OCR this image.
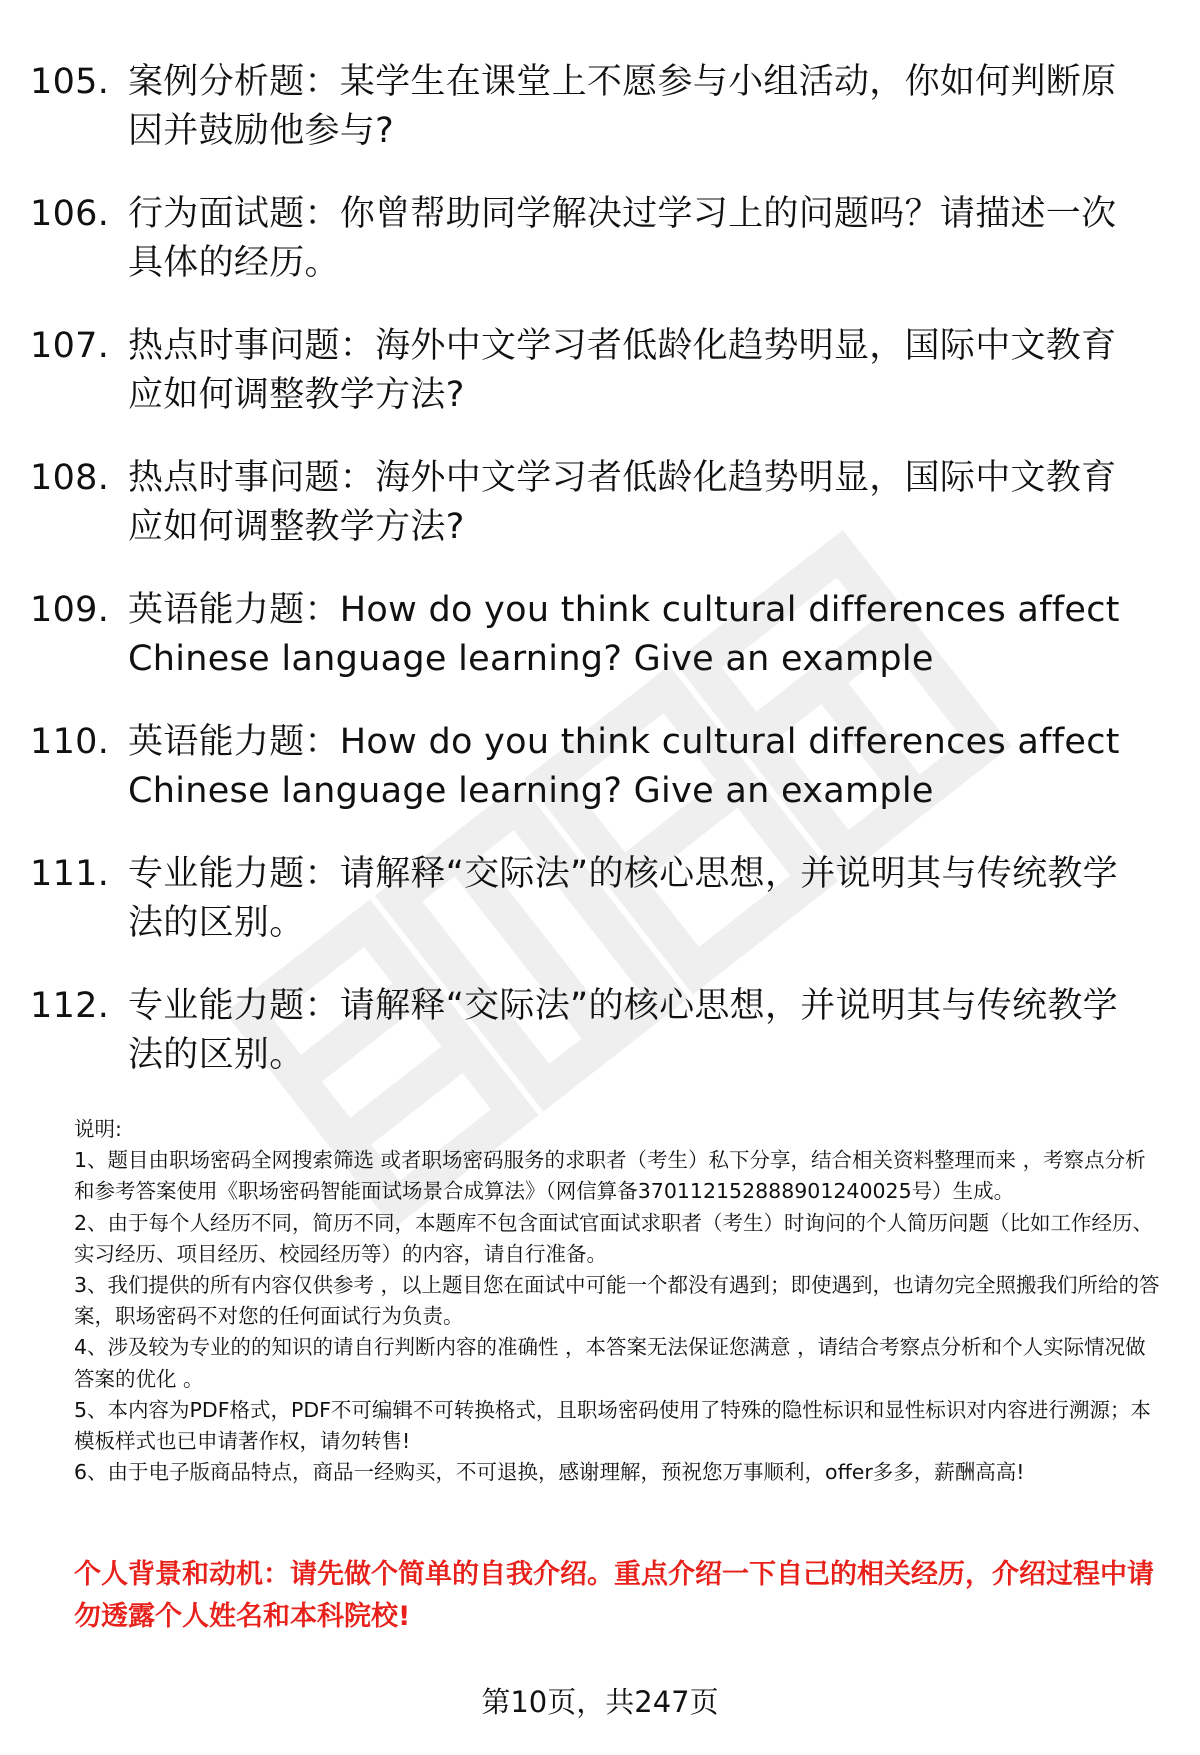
105. 案例分析题：某学生在课堂上不愿参与小组活动，你如何判断原因并鼓励他参与?
106. 行为面试题：你曾帮助同学解决过学习上的问题吗？请描述一次具体的经历。
107. 热点时事问题：海外中文学习者低龄化趋势明显，国际中文教育应如何调整教学方法?
108. 热点时事问题：海外中文学习者低龄化趋势明显，国际中文教育应如何调整教学方法?
109. 英语能力题：How do you think cultural differences affect Chinese language learning? Give an example
110. 英语能力题：How do you think cultural differences affect Chinese language learning? Give an example
111. 专业能力题：请解释“交际法”的核心思想，并说明其与传统教学法的区别。
112. 专业能力题：请解释“交际法”的核心思想，并说明其与传统教学法的区别。

说明:

1、题目由职场密码全网搜索筛选 或者职场密码服务的求职者（考生）私下分享，结合相关资料整理而来 ，考察点分析和参考答案使用《职场密码智能面试场景合成算法》（网信算备370112152888901240025号）生成。

2、由于每个人经历不同，简历不同，本题库不包含面试官面试求职者（考生）时询问的个人简历问题（比如工作经历、实习经历、项目经历、校园经历等）的内容，请自行准备。

3、我们提供的所有内容仅供参考 ，以上题目您在面试中可能一个都没有遇到；即使遇到，也请勿完全照搬我们所给的答案，职场密码不对您的任何面试行为负责。

4、涉及较为专业的的知识的请自行判断内容的准确性 ，本答案无法保证您满意 ，请结合考察点分析和个人实际情况做答案的优化 。

5、本内容为PDF格式，PDF不可编辑不可转换格式，且职场密码使用了特殊的隐性标识和显性标识对内容进行溯源；本模板样式也已申请著作权，请勿转售!

6、由于电子版商品特点，商品一经购买，不可退换，感谢理解，预祝您万事顺利，offer多多，薪酬高高!

个人背景和动机：请先做个简单的自我介绍。重点介绍一下自己的相关经历，介绍过程中请勿透露个人姓名和本科院校!
第10页，共247页
